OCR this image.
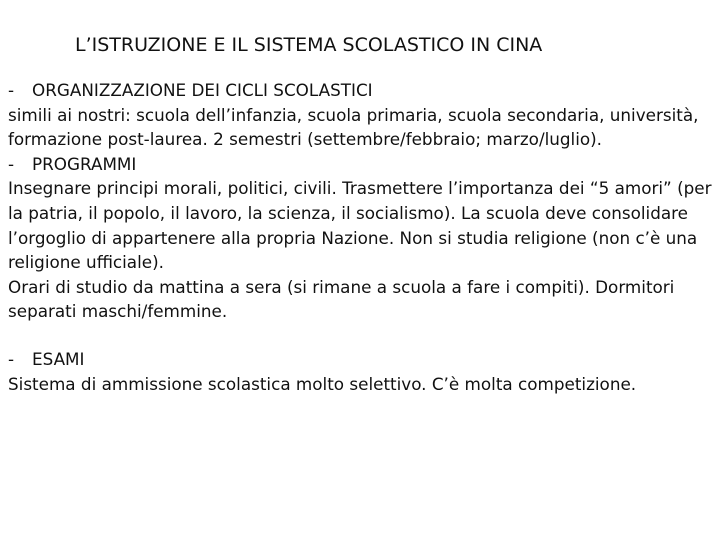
L’ISTRUZIONE E IL SISTEMA SCOLASTICO IN CINA

- ORGANIZZAZIONE DEI CICLI SCOLASTICI

simili ai nostri: scuola dell’infanzia, scuola primaria, scuola secondaria, università, formazione post-laurea. 2 semestri (settembre/febbraio; marzo/luglio).

- PROGRAMMI

Insegnare principi morali, politici, civili. Trasmettere l’importanza dei “5 amori” (per la patria, il popolo, il lavoro, la scienza, il socialismo). La scuola deve consolidare l’orgoglio di appartenere alla propria Nazione. Non si studia religione (non c’è una religione ufficiale).

Orari di studio da mattina a sera (si rimane a scuola a fare i compiti). Dormitori separati maschi/femmine.

- ESAMI

Sistema di ammissione scolastica molto selettivo. C’è molta competizione.
